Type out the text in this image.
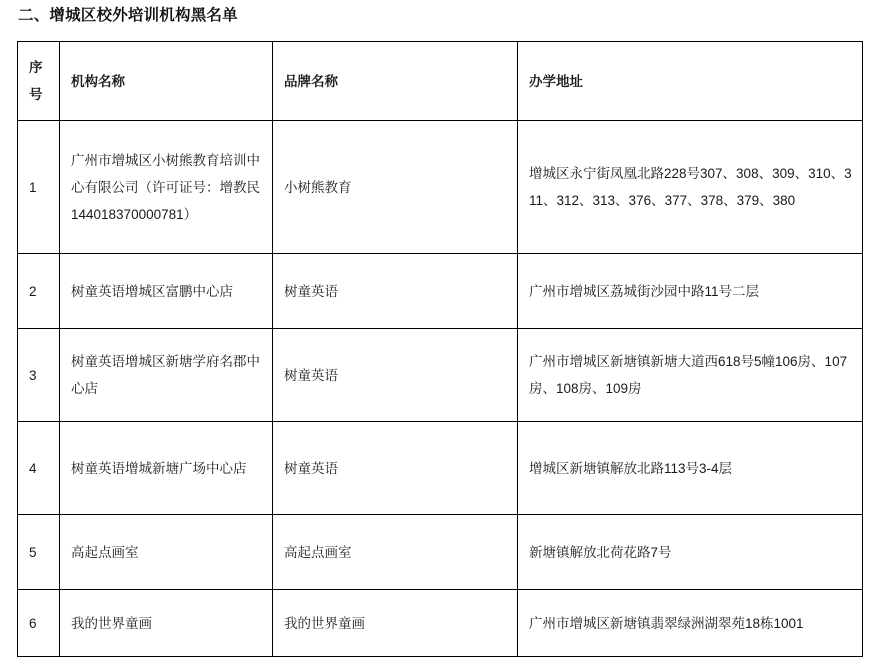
二、增城区校外培训机构黑名单
序号	机构名称	品牌名称	办学地址
1	广州市增城区小树熊教育培训中心有限公司（许可证号：增教民144018370000781）	小树熊教育	增城区永宁街凤凰北路228号307、308、309、310、311、312、313、376、377、378、379、380
2	树童英语增城区富鹏中心店	树童英语	广州市增城区荔城街沙园中路11号二层
3	树童英语增城区新塘学府名郡中心店	树童英语	广州市增城区新塘镇新塘大道西618号5幢106房、107房、108房、109房
4	树童英语增城新塘广场中心店	树童英语	增城区新塘镇解放北路113号3-4层
5	高起点画室	高起点画室	新塘镇解放北荷花路7号
6	我的世界童画	我的世界童画	广州市增城区新塘镇翡翠绿洲湖翠苑18栋1001
